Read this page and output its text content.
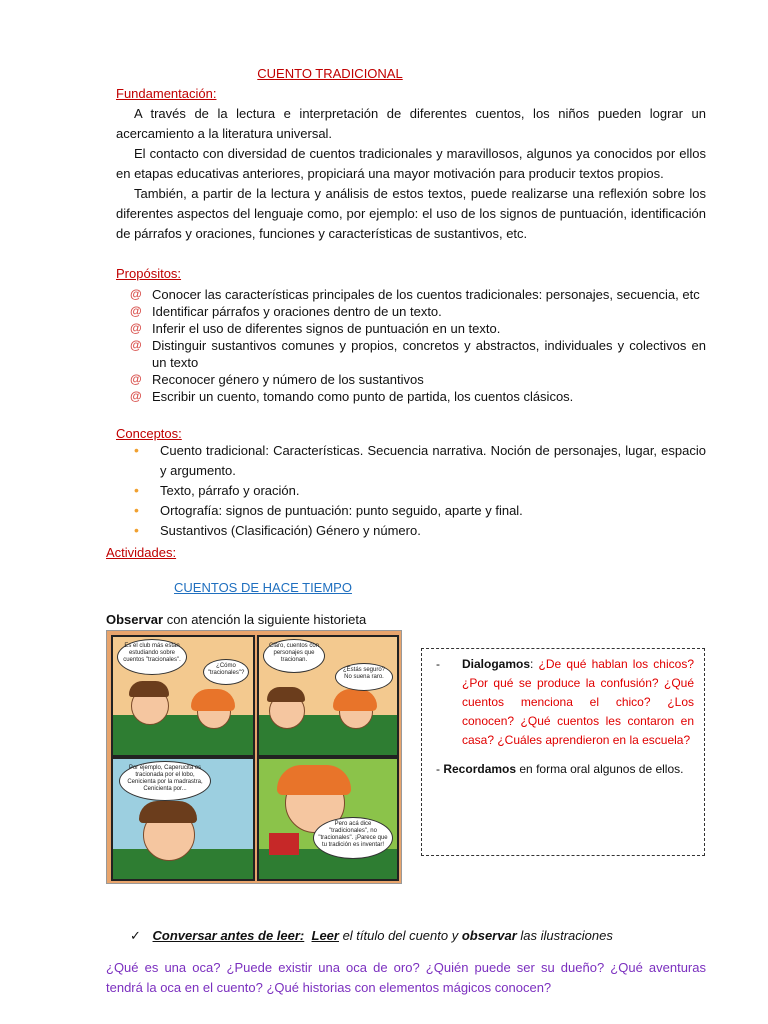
CUENTO TRADICIONAL
Fundamentación:
A través de la lectura e interpretación de diferentes cuentos, los niños pueden lograr un acercamiento a la literatura universal.
El contacto con diversidad de cuentos tradicionales y maravillosos, algunos ya conocidos por ellos en etapas educativas anteriores, propiciará una mayor motivación para producir textos propios.
También, a partir de la lectura y análisis de estos textos, puede realizarse una reflexión sobre los diferentes aspectos del lenguaje como, por ejemplo: el uso de los signos de puntuación, identificación de párrafos y oraciones, funciones y características de sustantivos, etc.
Propósitos:
@ Conocer las características principales de los cuentos tradicionales: personajes, secuencia, etc
@ Identificar párrafos y oraciones dentro de un texto.
@ Inferir el uso de diferentes signos de puntuación en un texto.
@ Distinguir sustantivos comunes y propios, concretos y abstractos, individuales y colectivos en un texto
@ Reconocer género y número de los sustantivos
@ Escribir un cuento, tomando como punto de partida, los cuentos clásicos.
Conceptos:
• Cuento tradicional: Características. Secuencia narrativa. Noción de personajes, lugar, espacio y argumento.
• Texto, párrafo y oración.
• Ortografía: signos de puntuación: punto seguido, aparte y final.
• Sustantivos (Clasificación) Género y número.
Actividades:
CUENTOS DE HACE TIEMPO
Observar con atención la siguiente historieta
Es el club más están estudiando sobre cuentos "tracionales".
¿Cómo "tracionales"?
Claro, cuentos con personajes que tracionan.
¿Estás seguro? No suena raro.
Por ejemplo, Caperucita es tracionada por el lobo, Cenicienta por la madrastra, Cenicienta por...
Pero acá dice "tradicionales", no "tracionales". ¡Parece que tu tradición es inventar!
- Dialogamos: ¿De qué hablan los chicos? ¿Por qué se produce la confusión? ¿Qué cuentos menciona el chico? ¿Los conocen? ¿Qué cuentos les contaron en casa? ¿Cuáles aprendieron en la escuela?
- Recordamos en forma oral algunos de ellos.
✓ Conversar antes de leer: Leer el título del cuento y observar las ilustraciones
¿Qué es una oca? ¿Puede existir una oca de oro? ¿Quién puede ser su dueño? ¿Qué aventuras tendrá la oca en el cuento? ¿Qué historias con elementos mágicos conocen?
